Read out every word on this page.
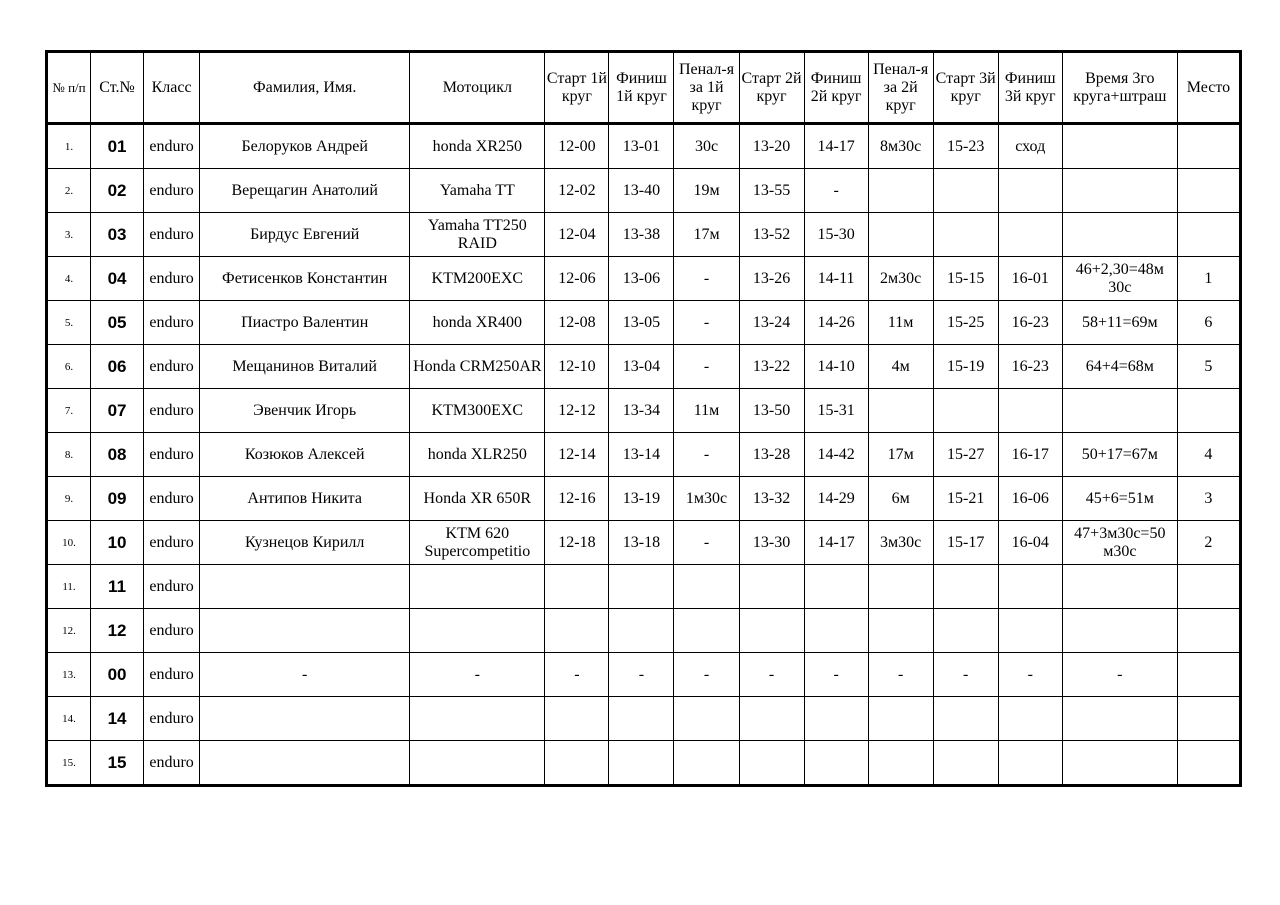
№ п/п	Ст.№	Класс	Фамилия, Имя.	Мотоцикл	Старт 1й круг	Финиш 1й круг	Пенал-я за 1й круг	Старт 2й круг	Финиш 2й круг	Пенал-я за 2й круг	Старт 3й круг	Финиш 3й круг	Время 3го круга+штраш	Место
1.	01	enduro	Белоруков Андрей	honda XR250	12-00	13-01	30с	13-20	14-17	8м30с	15-23	сход		
2.	02	enduro	Верещагин Анатолий	Yamaha TT	12-02	13-40	19м	13-55	-					
3.	03	enduro	Бирдус Евгений	Yamaha TT250 RAID	12-04	13-38	17м	13-52	15-30					
4.	04	enduro	Фетисенков Константин	KTM200EXC	12-06	13-06	-	13-26	14-11	2м30с	15-15	16-01	46+2,30=48м 30с	1
5.	05	enduro	Пиастро Валентин	honda XR400	12-08	13-05	-	13-24	14-26	11м	15-25	16-23	58+11=69м	6
6.	06	enduro	Мещанинов Виталий	Honda CRM250AR	12-10	13-04	-	13-22	14-10	4м	15-19	16-23	64+4=68м	5
7.	07	enduro	Эвенчик Игорь	KTM300EXC	12-12	13-34	11м	13-50	15-31					
8.	08	enduro	Козюков Алексей	honda XLR250	12-14	13-14	-	13-28	14-42	17м	15-27	16-17	50+17=67м	4
9.	09	enduro	Антипов Никита	Honda XR 650R	12-16	13-19	1м30с	13-32	14-29	6м	15-21	16-06	45+6=51м	3
10.	10	enduro	Кузнецов Кирилл	KTM 620 Supercompetitio	12-18	13-18	-	13-30	14-17	3м30с	15-17	16-04	47+3м30с=50 м30с	2
11.	11	enduro												
12.	12	enduro												
13.	00	enduro	-	-	-	-	-	-	-	-	-	-	-	
14.	14	enduro												
15.	15	enduro												
